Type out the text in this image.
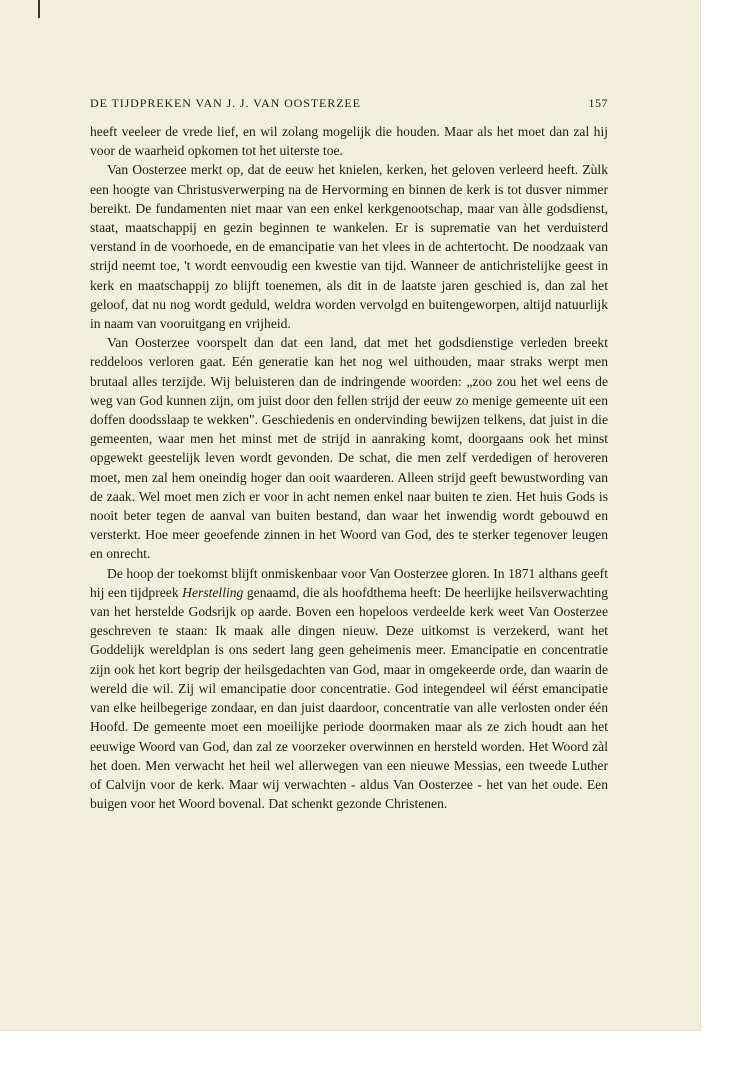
DE TIJDPREKEN VAN J. J. VAN OOSTERZEE	157

heeft veeleer de vrede lief, en wil zolang mogelijk die houden. Maar als het moet dan zal hij voor de waarheid opkomen tot het uiterste toe.

Van Oosterzee merkt op, dat de eeuw het knielen, kerken, het geloven verleerd heeft. Zùlk een hoogte van Christusverwerping na de Hervorming en binnen de kerk is tot dusver nimmer bereikt. De fundamenten niet maar van een enkel kerkgenootschap, maar van àlle godsdienst, staat, maatschappij en gezin beginnen te wankelen. Er is suprematie van het verduisterd verstand in de voorhoede, en de emancipatie van het vlees in de achtertocht. De noodzaak van strijd neemt toe, 't wordt eenvoudig een kwestie van tijd. Wanneer de antichristelijke geest in kerk en maatschappij zo blijft toenemen, als dit in de laatste jaren geschied is, dan zal het geloof, dat nu nog wordt geduld, weldra worden vervolgd en buitengeworpen, altijd natuurlijk in naam van vooruitgang en vrijheid.

Van Oosterzee voorspelt dan dat een land, dat met het godsdienstige verleden breekt reddeloos verloren gaat. Eén generatie kan het nog wel uithouden, maar straks werpt men brutaal alles terzijde. Wij beluisteren dan de indringende woorden: „zoo zou het wel eens de weg van God kunnen zijn, om juist door den fellen strijd der eeuw zo menige gemeente uit een doffen doodsslaap te wekken". Geschiedenis en ondervinding bewijzen telkens, dat juist in die gemeenten, waar men het minst met de strijd in aanraking komt, doorgaans ook het minst opgewekt geestelijk leven wordt gevonden. De schat, die men zelf verdedigen of heroveren moet, men zal hem oneindig hoger dan ooit waarderen. Alleen strijd geeft bewustwording van de zaak. Wel moet men zich er voor in acht nemen enkel naar buiten te zien. Het huis Gods is nooit beter tegen de aanval van buiten bestand, dan waar het inwendig wordt gebouwd en versterkt. Hoe meer geoefende zinnen in het Woord van God, des te sterker tegenover leugen en onrecht.

De hoop der toekomst blijft onmiskenbaar voor Van Oosterzee gloren. In 1871 althans geeft hij een tijdpreek Herstelling genaamd, die als hoofdthema heeft: De heerlijke heilsverwachting van het herstelde Godsrijk op aarde. Boven een hopeloos verdeelde kerk weet Van Oosterzee geschreven te staan: Ik maak alle dingen nieuw. Deze uitkomst is verzekerd, want het Goddelijk wereldplan is ons sedert lang geen geheimenis meer. Emancipatie en concentratie zijn ook het kort begrip der heilsgedachten van God, maar in omgekeerde orde, dan waarin de wereld die wil. Zij wil emancipatie door concentratie. God integendeel wil éérst emancipatie van elke heilbegerige zondaar, en dan juist daardoor, concentratie van alle verlosten onder één Hoofd. De gemeente moet een moeilijke periode doormaken maar als ze zich houdt aan het eeuwige Woord van God, dan zal ze voorzeker overwinnen en hersteld worden. Het Woord zàl het doen. Men verwacht het heil wel allerwegen van een nieuwe Messias, een tweede Luther of Calvijn voor de kerk. Maar wij verwachten - aldus Van Oosterzee - het van het oude. Een buigen voor het Woord bovenal. Dat schenkt gezonde Christenen.
